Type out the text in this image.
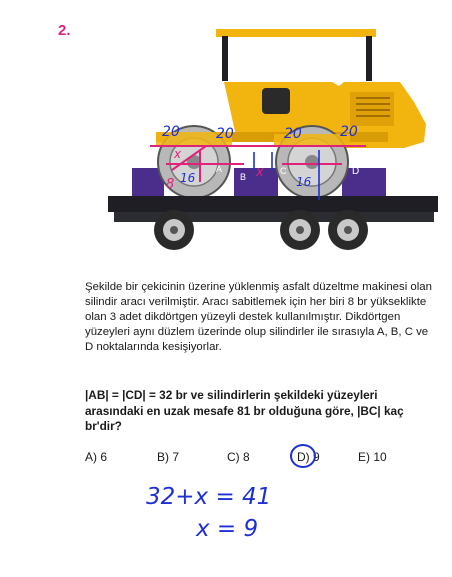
2.
20	20	20	20
16	16
8
x
x
A
B
C	D

Şekilde bir çekicinin üzerine yüklenmiş asfalt düzeltme makinesi olan silindir aracı verilmiştir. Aracı sabitlemek için her biri 8 br yükseklikte olan 3 adet dikdörtgen yüzeyli destek kullanılmıştır. Dikdörtgen yüzeyleri aynı düzlem üzerinde olup silindirler ile sırasıyla A, B, C ve D noktalarında kesişiyorlar.

|AB| = |CD| = 32 br ve silindirlerin şekildeki yüzeyleri arasındaki en uzak mesafe 81 br olduğuna göre, |BC| kaç br'dir?

A) 6	B) 7	C) 8	D) 9	E) 10
32+x = 41
x = 9
